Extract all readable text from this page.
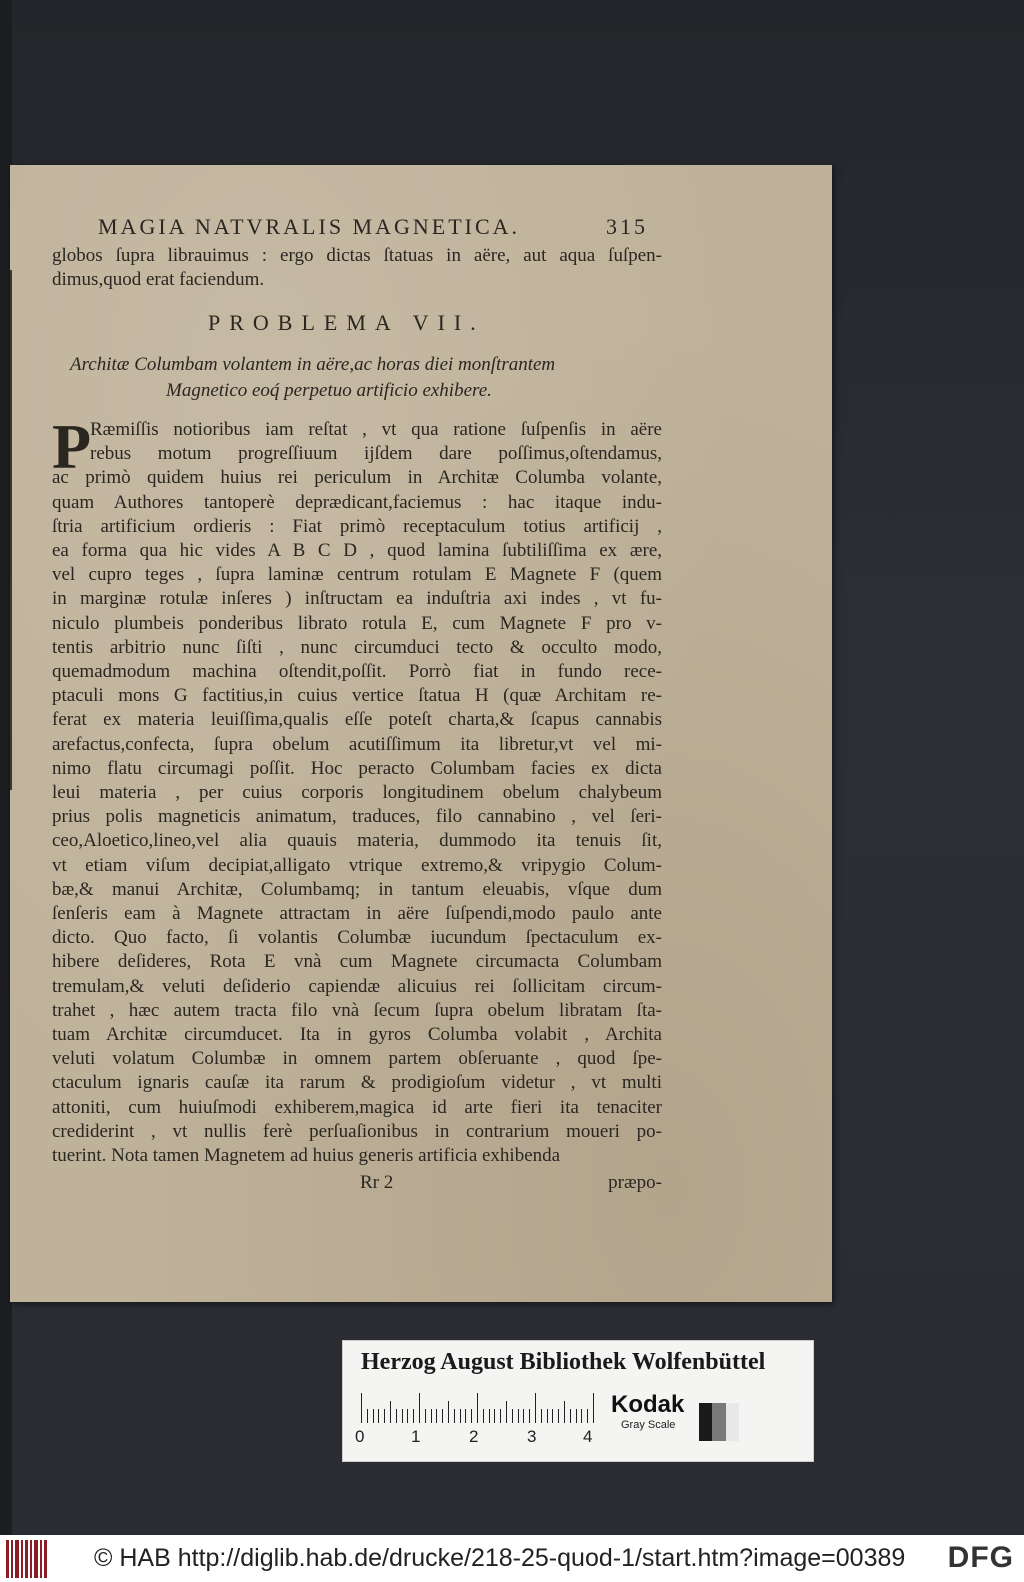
MAGIA NATVRALIS MAGNETICA.	315
globos ſupra librauimus : ergo dictas ſtatuas in aëre, aut aqua ſuſpen-
dimus,quod erat faciendum.
PROBLEMA VII.
Architæ Columbam volantem in aëre,ac horas diei monſtrantem
Magnetico eoq́ perpetuo artificio exhibere.
P
Ræmiſſis notioribus iam reſtat , vt qua ratione ſuſpenſis in aëre
rebus motum progreſſiuum ijſdem dare poſſimus,oſtendamus,
ac primò quidem huius rei periculum in Architæ Columba volante,
quam Authores tantoperè deprædicant,faciemus : hac itaque indu-
ſtria artificium ordieris : Fiat primò receptaculum totius artificij ,
ea forma qua hic vides A B C D , quod lamina ſubtiliſſima ex ære,
vel cupro teges , ſupra laminæ centrum rotulam E Magnete F (quem
in marginæ rotulæ inſeres ) inſtructam ea induſtria axi indes , vt fu-
niculo plumbeis ponderibus librato rotula E, cum Magnete F pro v-
tentis arbitrio nunc ſiſti , nunc circumduci tecto & occulto modo,
quemadmodum machina oſtendit,poſſit. Porrò fiat in fundo rece-
ptaculi mons G factitius,in cuius vertice ſtatua H (quæ Architam re-
ferat ex materia leuiſſima,qualis eſſe poteſt charta,& ſcapus cannabis
arefactus,confecta, ſupra obelum acutiſſimum ita libretur,vt vel mi-
nimo flatu circumagi poſſit. Hoc peracto Columbam facies ex dicta
leui materia , per cuius corporis longitudinem obelum chalybeum
prius polis magneticis animatum, traduces, filo cannabino , vel ſeri-
ceo,Aloetico,lineo,vel alia quauis materia, dummodo ita tenuis ſit,
vt etiam viſum decipiat,alligato vtrique extremo,& vripygio Colum-
bæ,& manui Architæ, Columbamq; in tantum eleuabis, vſque dum
ſenſeris eam à Magnete attractam in aëre ſuſpendi,modo paulo ante
dicto. Quo facto, ſi volantis Columbæ iucundum ſpectaculum ex-
hibere deſideres, Rota E vnà cum Magnete circumacta Columbam
tremulam,& veluti deſiderio capiendæ alicuius rei ſollicitam circum-
trahet , hæc autem tracta filo vnà ſecum ſupra obelum libratam ſta-
tuam Architæ circumducet. Ita in gyros Columba volabit , Archita
veluti volatum Columbæ in omnem partem obſeruante , quod ſpe-
ctaculum ignaris cauſæ ita rarum & prodigioſum videtur , vt multi
attoniti, cum huiuſmodi exhiberem,magica id arte fieri ita tenaciter
crediderint , vt nullis ferè perſuaſionibus in contrarium moueri po-
tuerint. Nota tamen Magnetem ad huius generis artificia exhibenda
Rr 2	præpo-
Herzog August Bibliothek Wolfenbüttel
0	1	2	3	4
Kodak
Gray Scale
© HAB http://diglib.hab.de/drucke/218-25-quod-1/start.htm?image=00389 DFG
